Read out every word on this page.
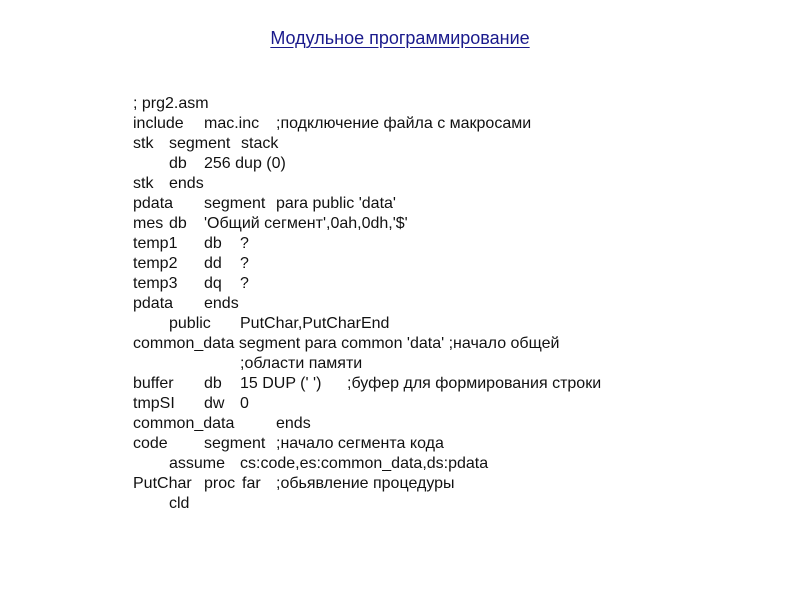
Модульное программирование

; prg2.asm

include

mac.inc

;подключение файла с макросами

stk

segment

stack

db

256 dup (0)

stk

ends

pdata

segment

para public 'data'

mes

db

'Общий сегмент',0ah,0dh,'$'

temp1

db

?

temp2

dd

?

temp3

dq

?

pdata

ends

public

PutChar,PutCharEnd

common_data segment para common 'data' ;начало общей

;области памяти

buffer

db

15 DUP (' ')

;буфер для формирования строки

tmpSI

dw

0

common_data

	ends

code

segment

;начало сегмента кода

assume

cs:code,es:common_data,ds:pdata

PutChar

proc

far

;обьявление процедуры

cld
